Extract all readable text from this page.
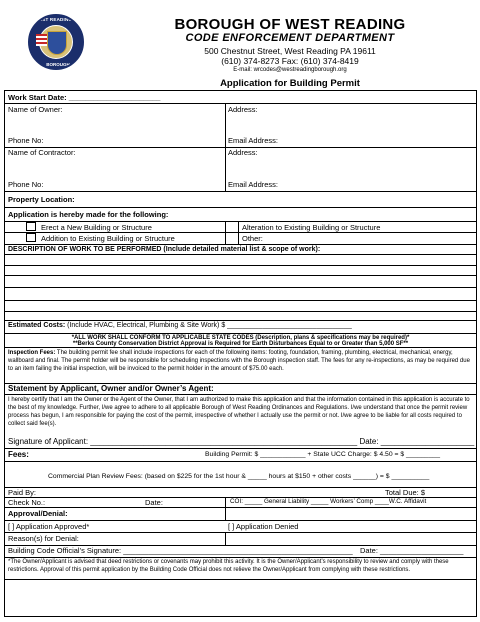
WEST READING, PA
BOROUGH
BOROUGH OF WEST READING
CODE ENFORCEMENT DEPARTMENT
500 Chestnut Street, West Reading PA 19611
(610) 374-8273 Fax: (610) 374-8419
E-mail: wrcodes@westreadingborough.org
Application for Building Permit
Work Start Date: ______________________
Name of Owner:	Address:
Phone No:	Email Address:
Name of Contractor:	Address:
Phone No:	Email Address:
Property Location:
Application is hereby made for the following:
Erect a New Building or Structure
Addition to Existing Building or Structure
Alteration to Existing Building or Structure
Other:
DESCRIPTION OF WORK TO BE PERFORMED (Include detailed material list & scope of work):
Estimated Costs: (Include HVAC, Electrical, Plumbing & Site Work) $ ________________________________
*ALL WORK SHALL CONFORM TO APPLICABLE STATE CODES (Description, plans & specifications may be required)*
**Berks County Conservation District Approval is Required for Earth Disturbances Equal to or Greater than 5,000 SF**
Inspection Fees: The building permit fee shall include inspections for each of the following items: footing, foundation, framing, plumbing, electrical, mechanical, energy, wallboard and final. The permit holder will be responsible for scheduling inspections with the Borough inspection staff. The fees for any re-inspections, as may be required due to an item failing the initial inspection, will be invoiced to the permit holder in the amount of $75.00 each.
Statement by Applicant, Owner and/or Owner’s Agent:
I hereby certify that I am the Owner or the Agent of the Owner, that I am authorized to make this application and that the information contained in this application is accurate to the best of my knowledge. Further, I/we agree to adhere to all applicable Borough of West Reading Ordinances and Regulations. I/we understand that once the permit review process has begun, I am responsible for paying the cost of the permit, irrespective of whether I actually use the permit or not. I/we agree to be liable for all costs required to collect said fee(s).
Signature of Applicant: ____________________________________________________________ Date: _____________________
Fees:	Building Permit: $ ____________ + State UCC Charge: $ 4.50 = $ _________
Commercial Plan Review Fees: (based on $225 for the 1st hour & _____ hours at $150 + other costs ______) = $ __________
Paid By:	Total Due: $
Check No.:	Date:	COI: _____ General Liability _____ Workers’ Comp ____W.C. Affidavit
Approval/Denial:
[ ] Application Approved*	[ ] Application Denied
Reason(s) for Denial:
Building Code Official’s Signature: _______________________________________________________ Date: ____________________
*The Owner/Applicant is advised that deed restrictions or covenants may prohibit this activity. It is the Owner/Applicant’s responsibility to review and comply with these restrictions. Approval of this permit application by the Building Code Official does not relieve the Owner/Applicant from complying with these restrictions.
